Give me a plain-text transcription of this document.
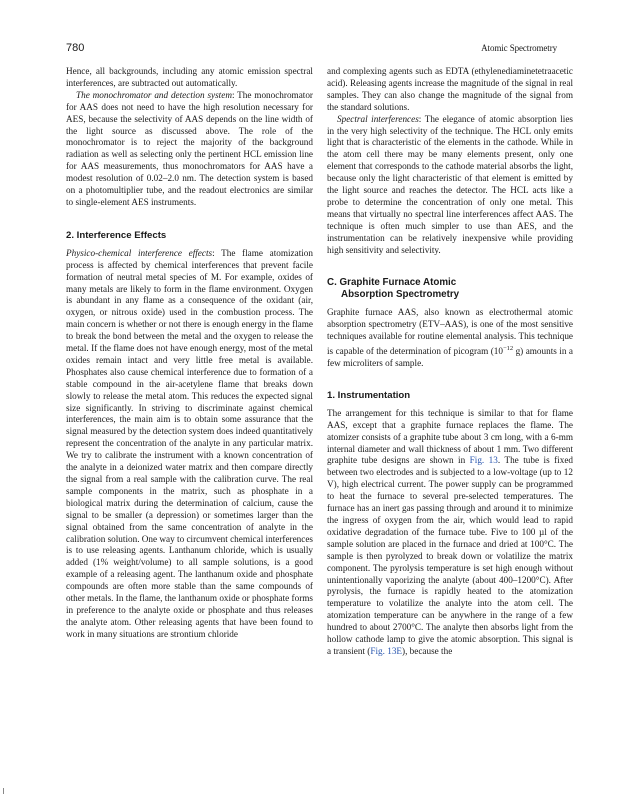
780	Atomic Spectrometry

Hence, all backgrounds, including any atomic emission spectral interferences, are subtracted out automatically.

The monochromator and detection system: The monochromator for AAS does not need to have the high resolution necessary for AES, because the selectivity of AAS depends on the line width of the light source as discussed above. The role of the monochromator is to reject the majority of the background radiation as well as selecting only the pertinent HCL emission line for AAS measurements, thus monochromators for AAS have a modest resolution of 0.02–2.0 nm. The detection system is based on a photomultiplier tube, and the readout electronics are similar to single-element AES instruments.

2. Interference Effects

Physico-chemical interference effects: The flame atomization process is affected by chemical interferences that prevent facile formation of neutral metal species of M. For example, oxides of many metals are likely to form in the flame environment. Oxygen is abundant in any flame as a consequence of the oxidant (air, oxygen, or nitrous oxide) used in the combustion process. The main concern is whether or not there is enough energy in the flame to break the bond between the metal and the oxygen to release the metal. If the flame does not have enough energy, most of the metal oxides remain intact and very little free metal is available. Phosphates also cause chemical interference due to formation of a stable compound in the air-acetylene flame that breaks down slowly to release the metal atom. This reduces the expected signal size significantly. In striving to discriminate against chemical interferences, the main aim is to obtain some assurance that the signal measured by the detection system does indeed quantitatively represent the concentration of the analyte in any particular matrix. We try to calibrate the instrument with a known concentration of the analyte in a deionized water matrix and then compare directly the signal from a real sample with the calibration curve. The real sample components in the matrix, such as phosphate in a biological matrix during the determination of calcium, cause the signal to be smaller (a depression) or sometimes larger than the signal obtained from the same concentration of analyte in the calibration solution. One way to circumvent chemical interferences is to use releasing agents. Lanthanum chloride, which is usually added (1% weight/volume) to all sample solutions, is a good example of a releasing agent. The lanthanum oxide and phosphate compounds are often more stable than the same compounds of other metals. In the flame, the lanthanum oxide or phosphate forms in preference to the analyte oxide or phosphate and thus releases the analyte atom. Other releasing agents that have been found to work in many situations are strontium chloride

and complexing agents such as EDTA (ethylenediaminetetraacetic acid). Releasing agents increase the magnitude of the signal in real samples. They can also change the magnitude of the signal from the standard solutions.

Spectral interferences: The elegance of atomic absorption lies in the very high selectivity of the technique. The HCL only emits light that is characteristic of the elements in the cathode. While in the atom cell there may be many elements present, only one element that corresponds to the cathode material absorbs the light, because only the light characteristic of that element is emitted by the light source and reaches the detector. The HCL acts like a probe to determine the concentration of only one metal. This means that virtually no spectral line interferences affect AAS. The technique is often much simpler to use than AES, and the instrumentation can be relatively inexpensive while providing high sensitivity and selectivity.

C. Graphite Furnace Atomic
Absorption Spectrometry

Graphite furnace AAS, also known as electrothermal atomic absorption spectrometry (ETV–AAS), is one of the most sensitive techniques available for routine elemental analysis. This technique is capable of the determination of picogram ($10^{-12}$ g) amounts in a few microliters of sample.

1. Instrumentation

The arrangement for this technique is similar to that for flame AAS, except that a graphite furnace replaces the flame. The atomizer consists of a graphite tube about 3 cm long, with a 6-mm internal diameter and wall thickness of about 1 mm. Two different graphite tube designs are shown in Fig. 13. The tube is fixed between two electrodes and is subjected to a low-voltage (up to 12 V), high electrical current. The power supply can be programmed to heat the furnace to several pre-selected temperatures. The furnace has an inert gas passing through and around it to minimize the ingress of oxygen from the air, which would lead to rapid oxidative degradation of the furnace tube. Five to 100 µl of the sample solution are placed in the furnace and dried at 100°C. The sample is then pyrolyzed to break down or volatilize the matrix component. The pyrolysis temperature is set high enough without unintentionally vaporizing the analyte (about 400–1200°C). After pyrolysis, the furnace is rapidly heated to the atomization temperature to volatilize the analyte into the atom cell. The atomization temperature can be anywhere in the range of a few hundred to about 2700°C. The analyte then absorbs light from the hollow cathode lamp to give the atomic absorption. This signal is a transient (Fig. 13E), because the
